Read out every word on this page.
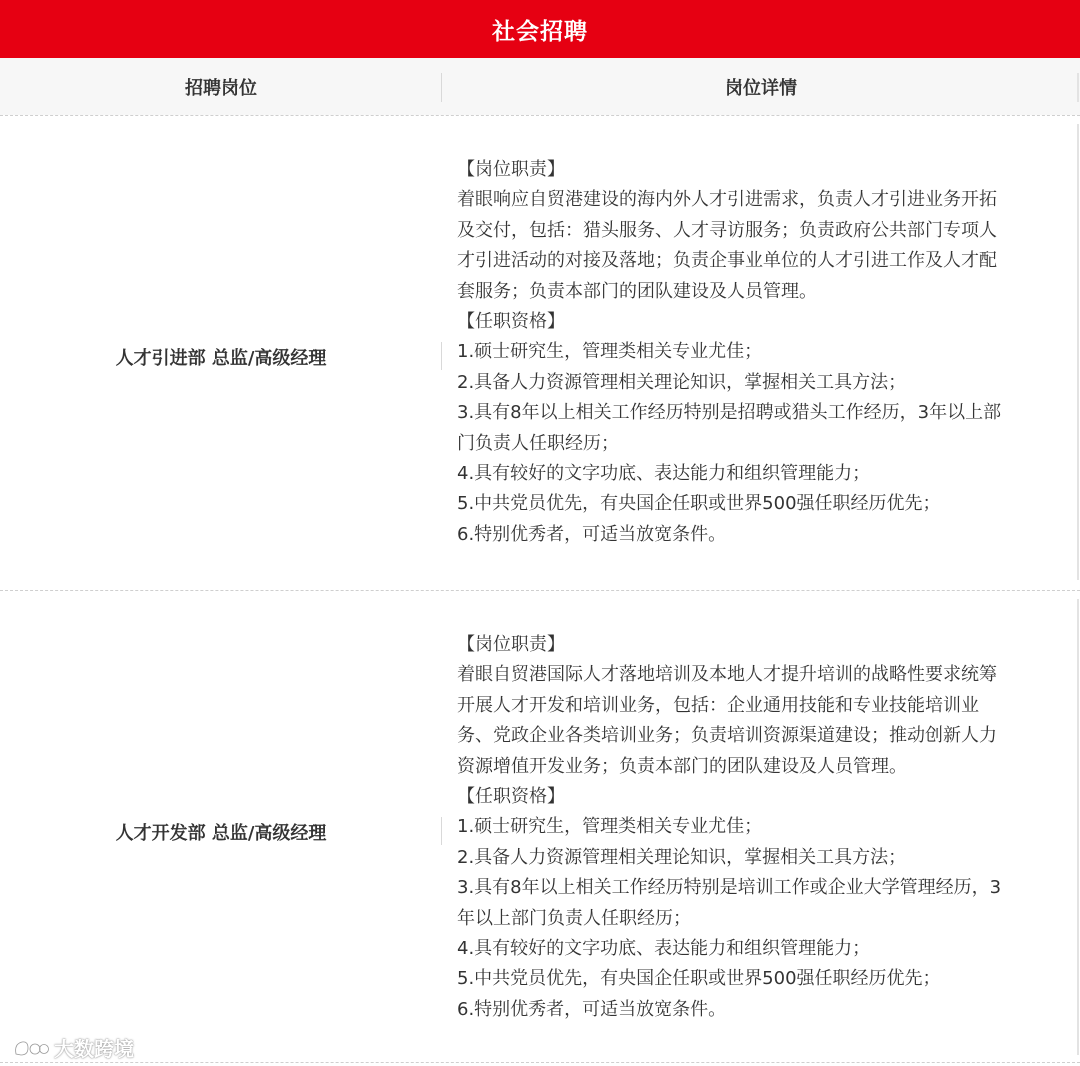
社会招聘
招聘岗位	岗位详情
人才引进部 总监/高级经理

【岗位职责】

着眼响应自贸港建设的海内外人才引进需求，负责人才引进业务开拓

及交付，包括：猎头服务、人才寻访服务；负责政府公共部门专项人

才引进活动的对接及落地；负责企事业单位的人才引进工作及人才配

套服务；负责本部门的团队建设及人员管理。

【任职资格】

1.硕士研究生，管理类相关专业尤佳；

2.具备人力资源管理相关理论知识，掌握相关工具方法；

3.具有8年以上相关工作经历特别是招聘或猎头工作经历，3年以上部

门负责人任职经历；

4.具有较好的文字功底、表达能力和组织管理能力；

5.中共党员优先，有央国企任职或世界500强任职经历优先；

6.特别优秀者，可适当放宽条件。

人才开发部 总监/高级经理

【岗位职责】

着眼自贸港国际人才落地培训及本地人才提升培训的战略性要求统筹

开展人才开发和培训业务，包括：企业通用技能和专业技能培训业

务、党政企业各类培训业务；负责培训资源渠道建设；推动创新人力

资源增值开发业务；负责本部门的团队建设及人员管理。

【任职资格】

1.硕士研究生，管理类相关专业尤佳；

2.具备人力资源管理相关理论知识，掌握相关工具方法；

3.具有8年以上相关工作经历特别是培训工作或企业大学管理经历，3

年以上部门负责人任职经历；

4.具有较好的文字功底、表达能力和组织管理能力；

5.中共党员优先，有央国企任职或世界500强任职经历优先；

6.特别优秀者，可适当放宽条件。

大数跨境
